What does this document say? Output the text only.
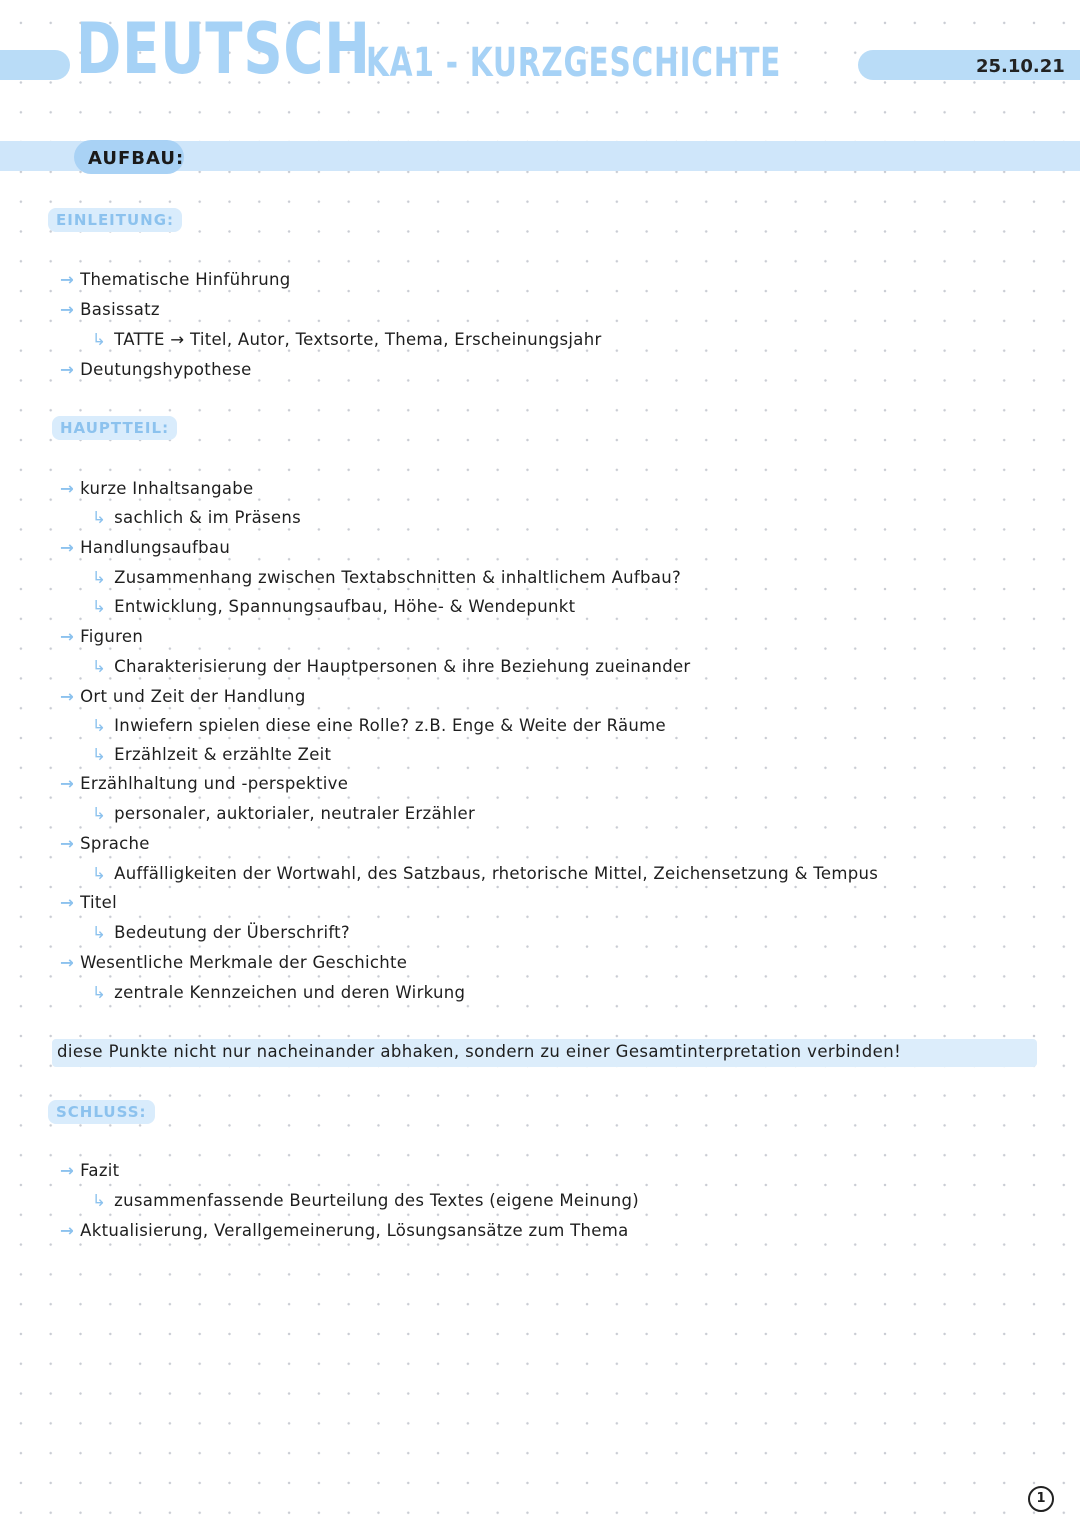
DEUTSCH
KA1 - KURZGESCHICHTE	25.10.21
AUFBAU:
EINLEITUNG:
→ Thematische Hinführung
→ Basissatz
↳ TATTE → Titel, Autor, Textsorte, Thema, Erscheinungsjahr
→ Deutungshypothese
HAUPTTEIL:
→ kurze Inhaltsangabe
↳ sachlich & im Präsens
→ Handlungsaufbau
↳ Zusammenhang zwischen Textabschnitten & inhaltlichem Aufbau?
↳ Entwicklung, Spannungsaufbau, Höhe- & Wendepunkt
→ Figuren
↳ Charakterisierung der Hauptpersonen & ihre Beziehung zueinander
→ Ort und Zeit der Handlung
↳ Inwiefern spielen diese eine Rolle? z.B. Enge & Weite der Räume
↳ Erzählzeit & erzählte Zeit
→ Erzählhaltung und -perspektive
↳ personaler, auktorialer, neutraler Erzähler
→ Sprache
↳ Auffälligkeiten der Wortwahl, des Satzbaus, rhetorische Mittel, Zeichensetzung & Tempus
→ Titel
↳ Bedeutung der Überschrift?
→ Wesentliche Merkmale der Geschichte
↳ zentrale Kennzeichen und deren Wirkung
diese Punkte nicht nur nacheinander abhaken, sondern zu einer Gesamtinterpretation verbinden!
SCHLUSS:
→ Fazit
↳ zusammenfassende Beurteilung des Textes (eigene Meinung)
→ Aktualisierung, Verallgemeinerung, Lösungsansätze zum Thema
1
